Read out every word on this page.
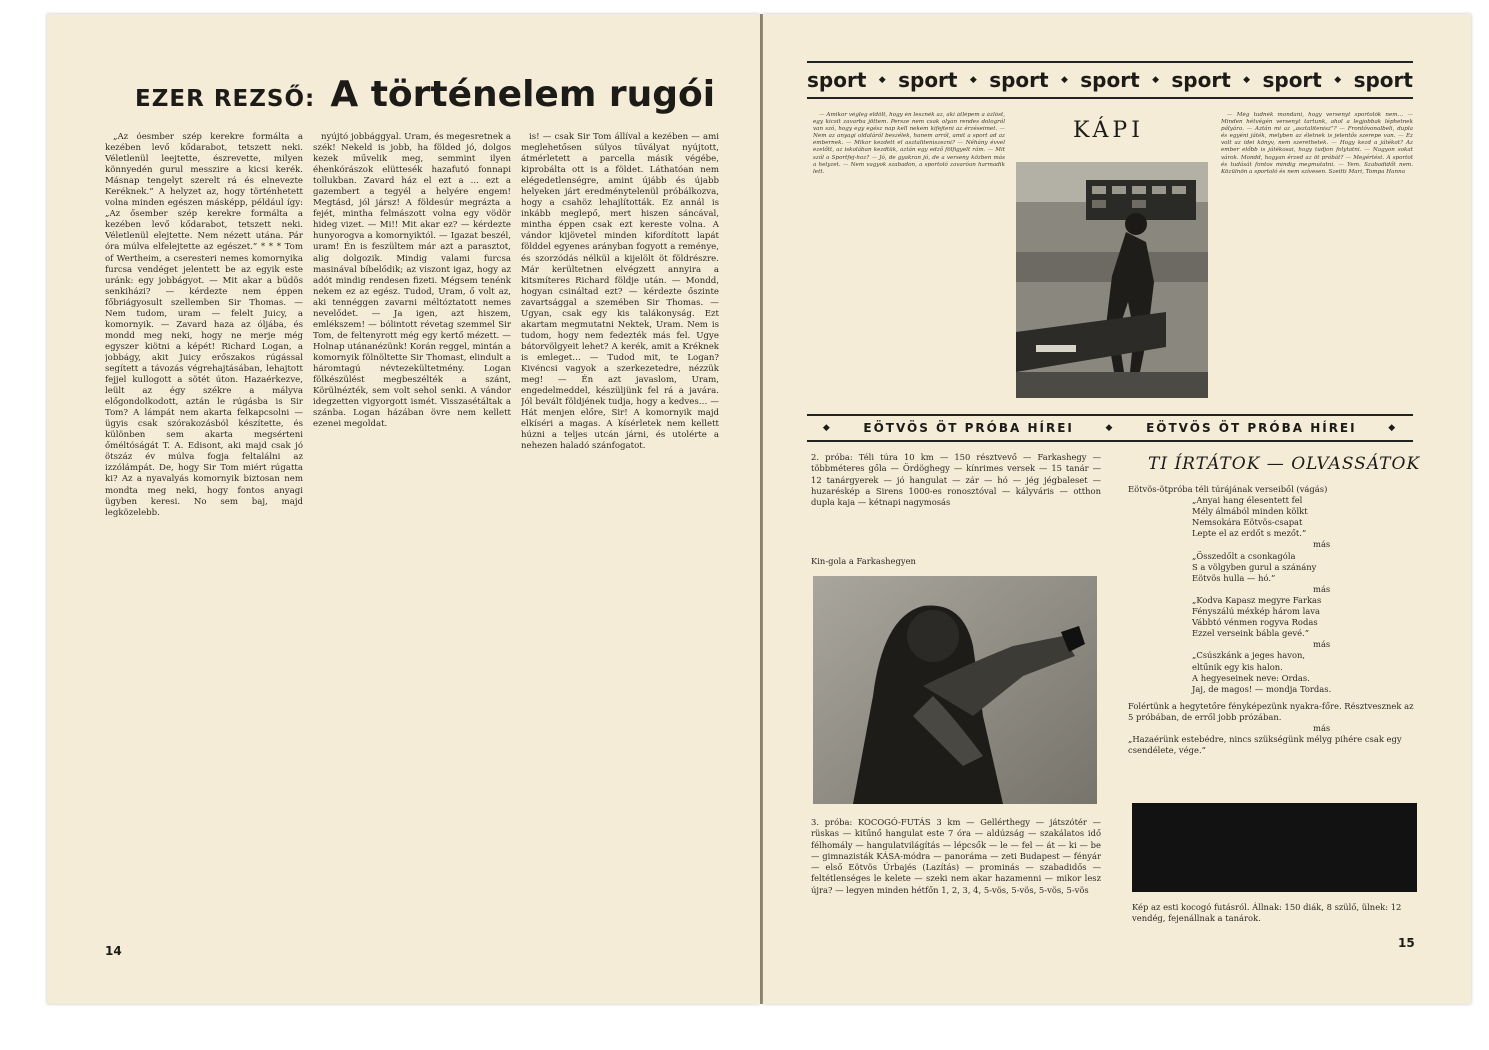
EZER REZSŐ: A történelem rugói

„Az óesmber szép kerekre formálta a kezében levő kődarabot, tetszett neki. Véletlenül leejtette, észrevette, milyen könnyedén gurul messzire a kicsi kerék. Másnap tengelyt szerelt rá és elnevezte Keréknek.” A helyzet az, hogy történhetett volna minden egészen másképp, például így: „Az ősember szép kerekre formálta a kezében levő kődarabot, tetszett neki. Véletlenül elejtette. Nem nézett utána. Pár óra múlva elfelejtette az egészet.” * * * Tom of Wertheim, a cseresteri nemes komornyika furcsa vendéget jelentett be az egyik este uránk: egy jobbágyot. — Mit akar a büdös senkiházi? — kérdezte nem éppen főbriágyosult szellemben Sir Thomas. — Nem tudom, uram — felelt Juicy, a komornyik. — Zavard haza az óljába, és mondd meg neki, hogy ne merje még egyszer kiötni a képét! Richard Logan, a jobbágy, akit Juicy erőszakos rúgással segített a távozás végrehajtásában, lehajtott fejjel kullogott a sötét úton. Hazaérkezve, leült az égy székre a mályva előgondolkodott, aztán le rúgásba is Sir Tom? A lámpát nem akarta felkapcsolni — ügyis csak szórakozásból készítette, és különben sem akarta megsérteni őméltóságát T. A. Edisont, aki majd csak jó ötszáz év múlva fogja feltalálni az izzólámpát. De, hogy Sir Tom miért rúgatta ki? Az a nyavalyás komornyik biztosan nem mondta meg neki, hogy fontos anyagi ügyben keresi. No sem baj, majd legközelebb.

nyújtó jobbággyal. Uram, és megesretnek a szék! Nekeld is jobb, ha földed jó, dolgos kezek művelik meg, semmint ilyen éhenkórászok elüttesék hazafutó fonnapi tollukban. Zavard ház el ezt a ... ezt a gazembert a tegyél a helyére engem! Megtásd, jól jársz! A földesúr megrázta a fejét, mintha felmászott volna egy vödör hideg vizet. — Mi!! Mit akar ez? — kérdezte hunyorogva a komornyiktól. — Igazat beszél, uram! Én is feszültem már azt a parasztot, alig dolgozik. Mindig valami furcsa masinával bíbelődik; az viszont igaz, hogy az adót mindig rendesen fizeti. Mégsem tenénk nekem ez az egész. Tudod, Uram, ő volt az, aki tennéggen zavarni méltóztatott nemes nevelődet. — Ja igen, azt hiszem, emlékszem! — bólintott révetag szemmel Sir Tom, de feltenyrott még egy kertő mézett. — Holnap utánanézünk! Korán reggel, mintán a komornyik fölnöltette Sir Thomast, elindult a háromtagú névtezekültetmény. Logan fölkészülést megbeszélték a szánt, Körülnézték, sem volt sehol senki. A vándor idegzetten vigyorgott ismét. Visszasétáltak a szánba. Logan házában övre nem kellett ezenei megoldat.

is! — csak Sir Tom állíval a kezében — ami meglehetősen súlyos tűvályat nyújtott, átmérletett a parcella másik végébe, kiprobálta ott is a földet. Láthatóan nem elégedetlenségre, amint újább és újabb helyeken járt eredménytelenül próbálkozva, hogy a csahöz lehajlították. Ez annál is inkább meglepő, mert hiszen sáncával, mintha éppen csak ezt kereste volna. A vándor kijövetel minden kifordított lapát földdel egyenes arányban fogyott a reménye, és szorzódás nélkül a kijelölt öt földrészre. Már kerültetnen elvégzett annyira a kitsmíteres Richard földje után. — Mondd, hogyan csináltad ezt? — kérdezte őszinte zavartsággal a szemében Sir Thomas. — Ugyan, csak egy kis talákonyság. Ezt akartam megmutatni Nektek, Uram. Nem is tudom, hogy nem fedezték más fel. Ugye bátorvölgyeit lehet? A kerék, amit a Kréknek is emleget… — Tudod mit, te Logan? Kivéncsi vagyok a szerkezetedre, nézzük meg! — Én azt javaslom, Uram, engedelmeddel, készüljünk fel rá a javára. Jól bevált földjének tudja, hogy a kedves… — Hát menjen előre, Sir! A komornyik majd elkíséri a magas. A kísérletek nem kellett húzni a teljes utcán járni, és utolérte a nehezen haladó szánfogatot.

14
sport ◆ sport ◆ sport ◆ sport ◆ sport ◆ sport ◆ sport

— Amikor végleg eldőlt, hogy én lesznék az, aki átlépem a ázlóst, egy kicsit zavarba jöttem. Persze nem csak olyan rendes dologról van szó, hogy egy egész nap kell nekem kifejteni az érzéseimet. — Nem az anyagi oldaláról beszélek, hanem arról, amit a sport ad az embernek. — Mikor kezdett el asztaliteniszezni? — Néhány évvel ezelőtt, az iskolában kezdtük, aztán egy edző fölfigyelt rám. — Mit szól a Sportfej-hoz? — Jó, de gyakran jó, de a verseny közben más a helyzet. — Nem vagyok szabadon, a sportoló zavaróan harmadik lett.

KÁPI

— Még tudnék mondani, hogy versenyt sportolók nem… — Minden hétvégén versenyt tartunk, ahol a legjobbak léphetnek pályára. — Aztán mi az „asztalitenisz”? — Frontóvonalbeli, dupla és egyéni játék, melyben az életnek is jelentős szerepe van. — Ez volt az idei könyv, nem szerethetek. — Hogy kezd a játékot? Az ember előbb is játékosai, hogy tudjon folytatni. — Nagyon sokat várok. Mondd, hogyan érzed az öt próbát? — Megértést. A sportot és tudását fontos mindig megmutatni. — Yem. Szabadidőt nem. Közülnön a sportoló és nem szívesen. Szeitti Mari, Tompa Hanna

◆	EÖTVÖS ÖT PRÓBA HÍREI	◆	EÖTVÖS ÖT PRÓBA HÍREI	◆
2. próba: Téli túra 10 km — 150 résztvevő — Farkashegy — többméteres gőla — Ördöghegy — kínrimes versek — 15 tanár — 12 tanárgyerek — jó hangulat — zár — hó — jég jégbaleset — huzaréskép a Sirens 1000-es ronosztóval — kályváris — otthon dupla kaja — kétnapi nagymosás
Kin-gola a Farkashegyen
3. próba: KOCOGÓ-FUTÁS 3 km — Gellérthegy — játszótér — rüskas — kitűnő hangulat este 7 óra — aldúzság — szakálatos idő félhomály — hangulatvilágítás — lépcsők — le — fel — át — ki — be — gimnazisták KÁSA-módra — panoráma — zeti Budapest — fényár — első Eötvös Úrbajés (Lazítás) — prominás — szabadidős — feltétlenséges le kelete — szeki nem akar hazamenni — mikor lesz újra? — legyen minden hétfőn 1, 2, 3, 4, 5-vös, 5-vös, 5-vös, 5-vös
TI ÍRTÁTOK — OLVASSÁTOK
Eötvös-ötpróba téli túrájának verseiből (vágás)
„Anyai hang élesentett fel
Mély álmából minden kölkt
Nemsokára Eötvös-csapat
Lepte el az erdőt s mezőt.”
más
„Összedőlt a csonkagóla
S a völgyben gurul a szánány
Eötvös hulla — hó.”
más
„Kodva Kapasz megyre Farkas
Fényszálú méxkép három lava
Vábbtó vénmen rogyva Rodas
Ezzel verseink bábla gevé.”
más
„Csúszkánk a jeges havon,
eltűnik egy kis halon.
A hegyeseinek neve: Ordas.
Jaj, de magos! — mondja Tordas.
Folértünk a hegytetőre fényképezünk nyakra-főre. Résztvesznek az 5 próbában, de erről jobb prózában.
más
„Hazaérünk estebédre, nincs szükségünk mélyg pihére csak egy csendélete, vége.”
Kép az esti kocogó futásról. Állnak: 150 diák, 8 szülő, ülnek: 12 vendég, fejenállnak a tanárok.
15
